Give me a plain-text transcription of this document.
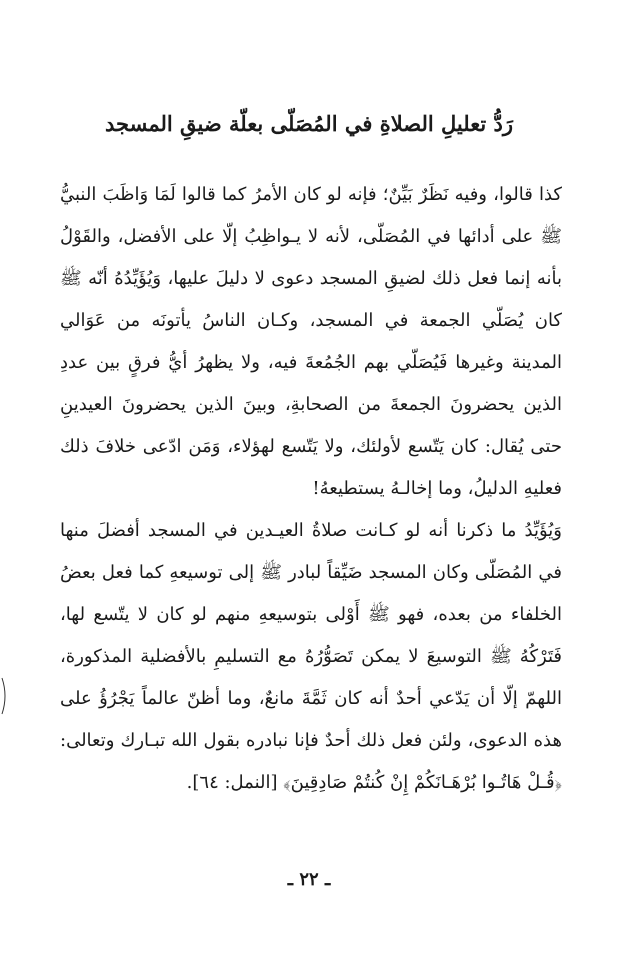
رَدُّ تعليلِ الصلاةِ في المُصَلّى بعلّة ضيقِ المسجد

كذا قالوا، وفيه نَظَرٌ بَيِّنٌ؛ فإنه لو كان الأمرُ كما قالوا لَمَا وَاظَبَ النبيُّ ﷺ على أدائها في المُصَلّى، لأنه لا يـواظِبُ إلّا على الأفضل، والقَوْلُ بأنه إنما فعل ذلك لضيقِ المسجد دعوى لا دليلَ عليها، وَيُؤَيِّدُهُ أنّه ﷺ كان يُصَلّي الجمعة في المسجد، وكـان الناسُ يأتونَه من عَوَالي المدينة وغيرها فَيُصَلّي بهم الجُمُعةَ فيه، ولا يظهرُ أيُّ فرقٍ بين عددِ الذين يحضرونَ الجمعةَ من الصحابةِ، وبينَ الذين يحضرونَ العيدينِ حتى يُقال: كان يَتّسع لأولئك، ولا يَتّسع لهؤلاء، وَمَن ادّعى خلافَ ذلك فعليهِ الدليلُ، وما إخالـهُ يستطيعهُ!

وَيُؤَيِّدُ ما ذكرنا أنه لو كـانت صلاةُ العيـدين في المسجد أفضلَ منها في المُصَلّى وكان المسجد ضَيِّقاً لبادر ﷺ إلى توسيعهِ كما فعل بعضُ الخلفاء من بعده، فهو ﷺ أَوْلى بتوسيعهِ منهم لو كان لا يتّسع لها، فَتَرْكُهُ ﷺ التوسيعَ لا يمكن تَصَوُّرُهُ مع التسليمِ بالأفضلية المذكورة، اللهمّ إلّا أن يَدّعي أحدٌ أنه كان ثَمَّةَ مانعٌ، وما أظنّ عالماً يَجْرُؤُ على هذه الدعوى، ولئن فعل ذلك أحدٌ فإنا نبادره بقول الله تبـارك وتعالى: ﴿قُـلْ هَاتُـوا بُرْهَـانَكُمْ إِنْ كُنتُمْ صَادِقِينَ﴾ [النمل: ٦٤].

ـ ٢٢ ـ
